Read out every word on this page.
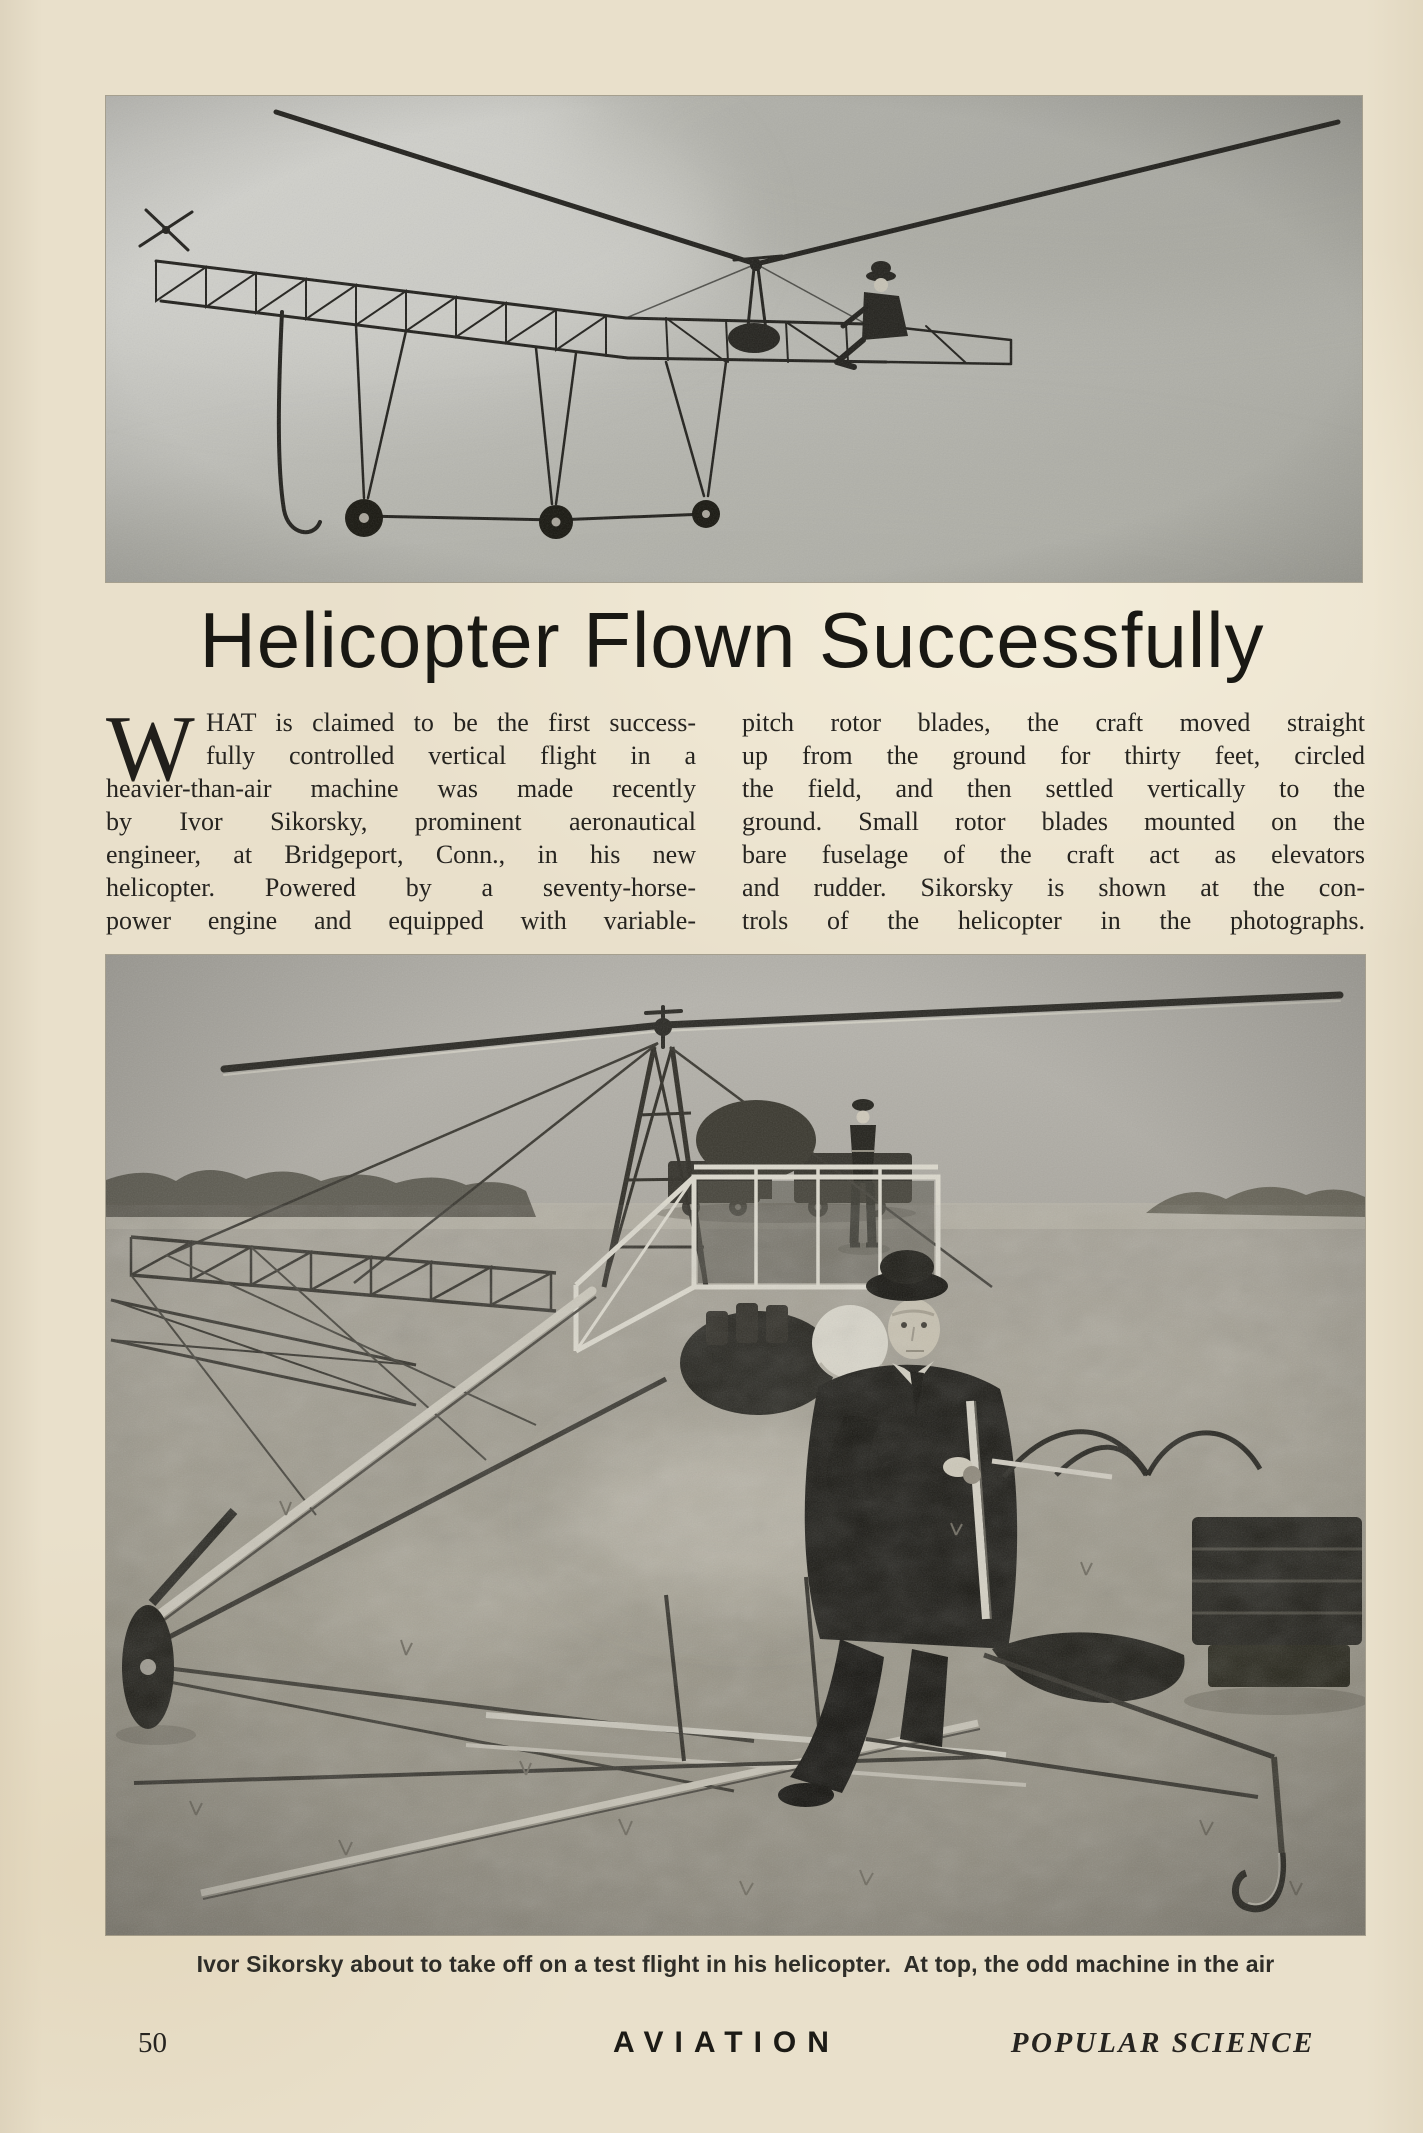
Helicopter Flown Successfully
W HAT is claimed to be the first success-
fully controlled vertical flight in a
heavier-than-air machine was made recently
by Ivor Sikorsky, prominent aeronautical
engineer, at Bridgeport, Conn., in his new
helicopter. Powered by a seventy-horse-
power engine and equipped with variable-
pitch rotor blades, the craft moved straight
up from the ground for thirty feet, circled
the field, and then settled vertically to the
ground. Small rotor blades mounted on the
bare fuselage of the craft act as elevators
and rudder. Sikorsky is shown at the con-
trols of the helicopter in the photographs.
Ivor Sikorsky about to take off on a test flight in his helicopter.  At top, the odd machine in the air
50	AVIATION	POPULAR SCIENCE
